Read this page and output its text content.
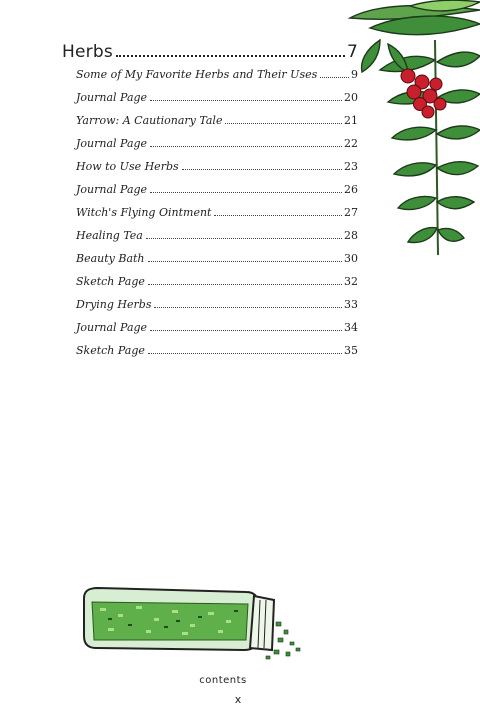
Herbs	7
Some of My Favorite Herbs and Their Uses	9
Journal Page	20
Yarrow: A Cautionary Tale	21
Journal Page	22
How to Use Herbs	23
Journal Page	26
Witch's Flying Ointment	27
Healing Tea	28
Beauty Bath	30
Sketch Page	32
Drying Herbs	33
Journal Page	34
Sketch Page	35
contents
x
